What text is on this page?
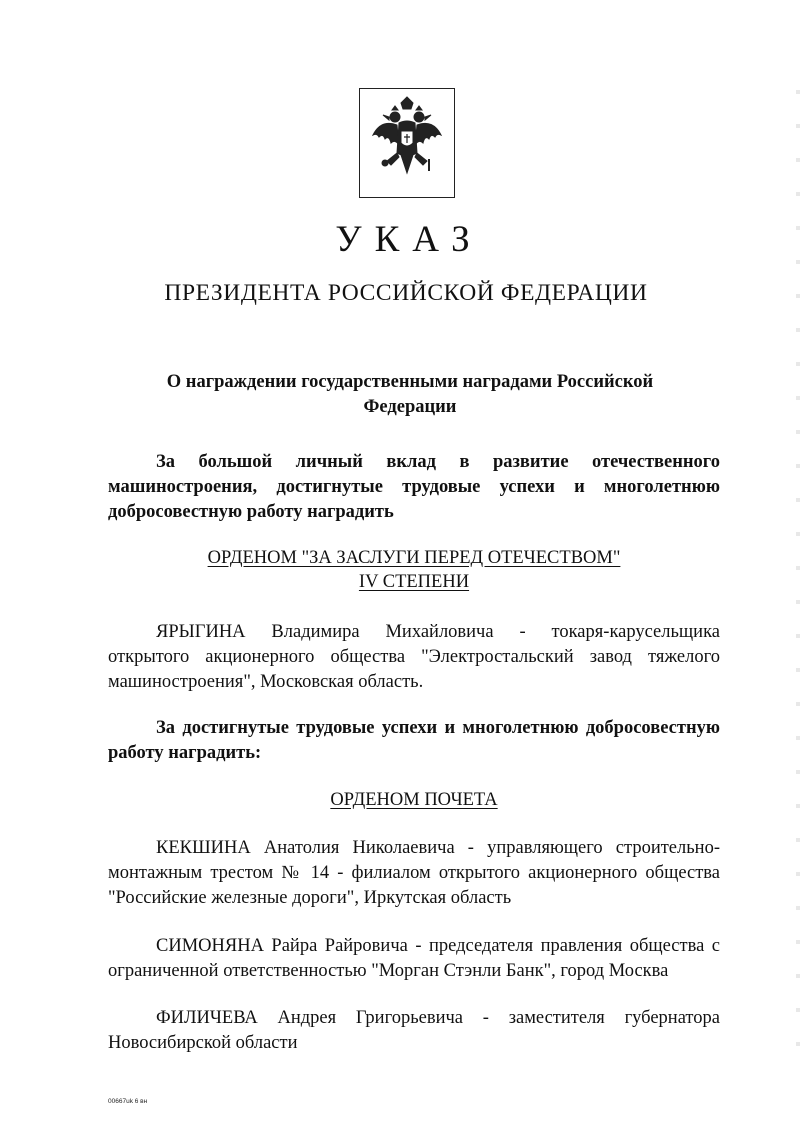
УКАЗ
ПРЕЗИДЕНТА РОССИЙСКОЙ ФЕДЕРАЦИИ
О награждении государственными наградами Российской Федерации
За большой личный вклад в развитие отечественного машиностроения, достигнутые трудовые успехи и многолетнюю добросовестную работу наградить
ОРДЕНОМ "ЗА ЗАСЛУГИ ПЕРЕД ОТЕЧЕСТВОМ"
IV СТЕПЕНИ
ЯРЫГИНА Владимира Михайловича - токаря-карусельщика открытого акционерного общества "Электростальский завод тяжелого машиностроения", Московская область.
За достигнутые трудовые успехи и многолетнюю добросовестную работу наградить:
ОРДЕНОМ ПОЧЕТА
КЕКШИНА Анатолия Николаевича - управляющего строительно-монтажным трестом № 14 - филиалом открытого акционерного общества "Российские железные дороги", Иркутская область
СИМОНЯНА Райра Райровича - председателя правления общества с ограниченной ответственностью "Морган Стэнли Банк", город Москва
ФИЛИЧЕВА Андрея Григорьевича - заместителя губернатора Новосибирской области
00667uk 6 вн
